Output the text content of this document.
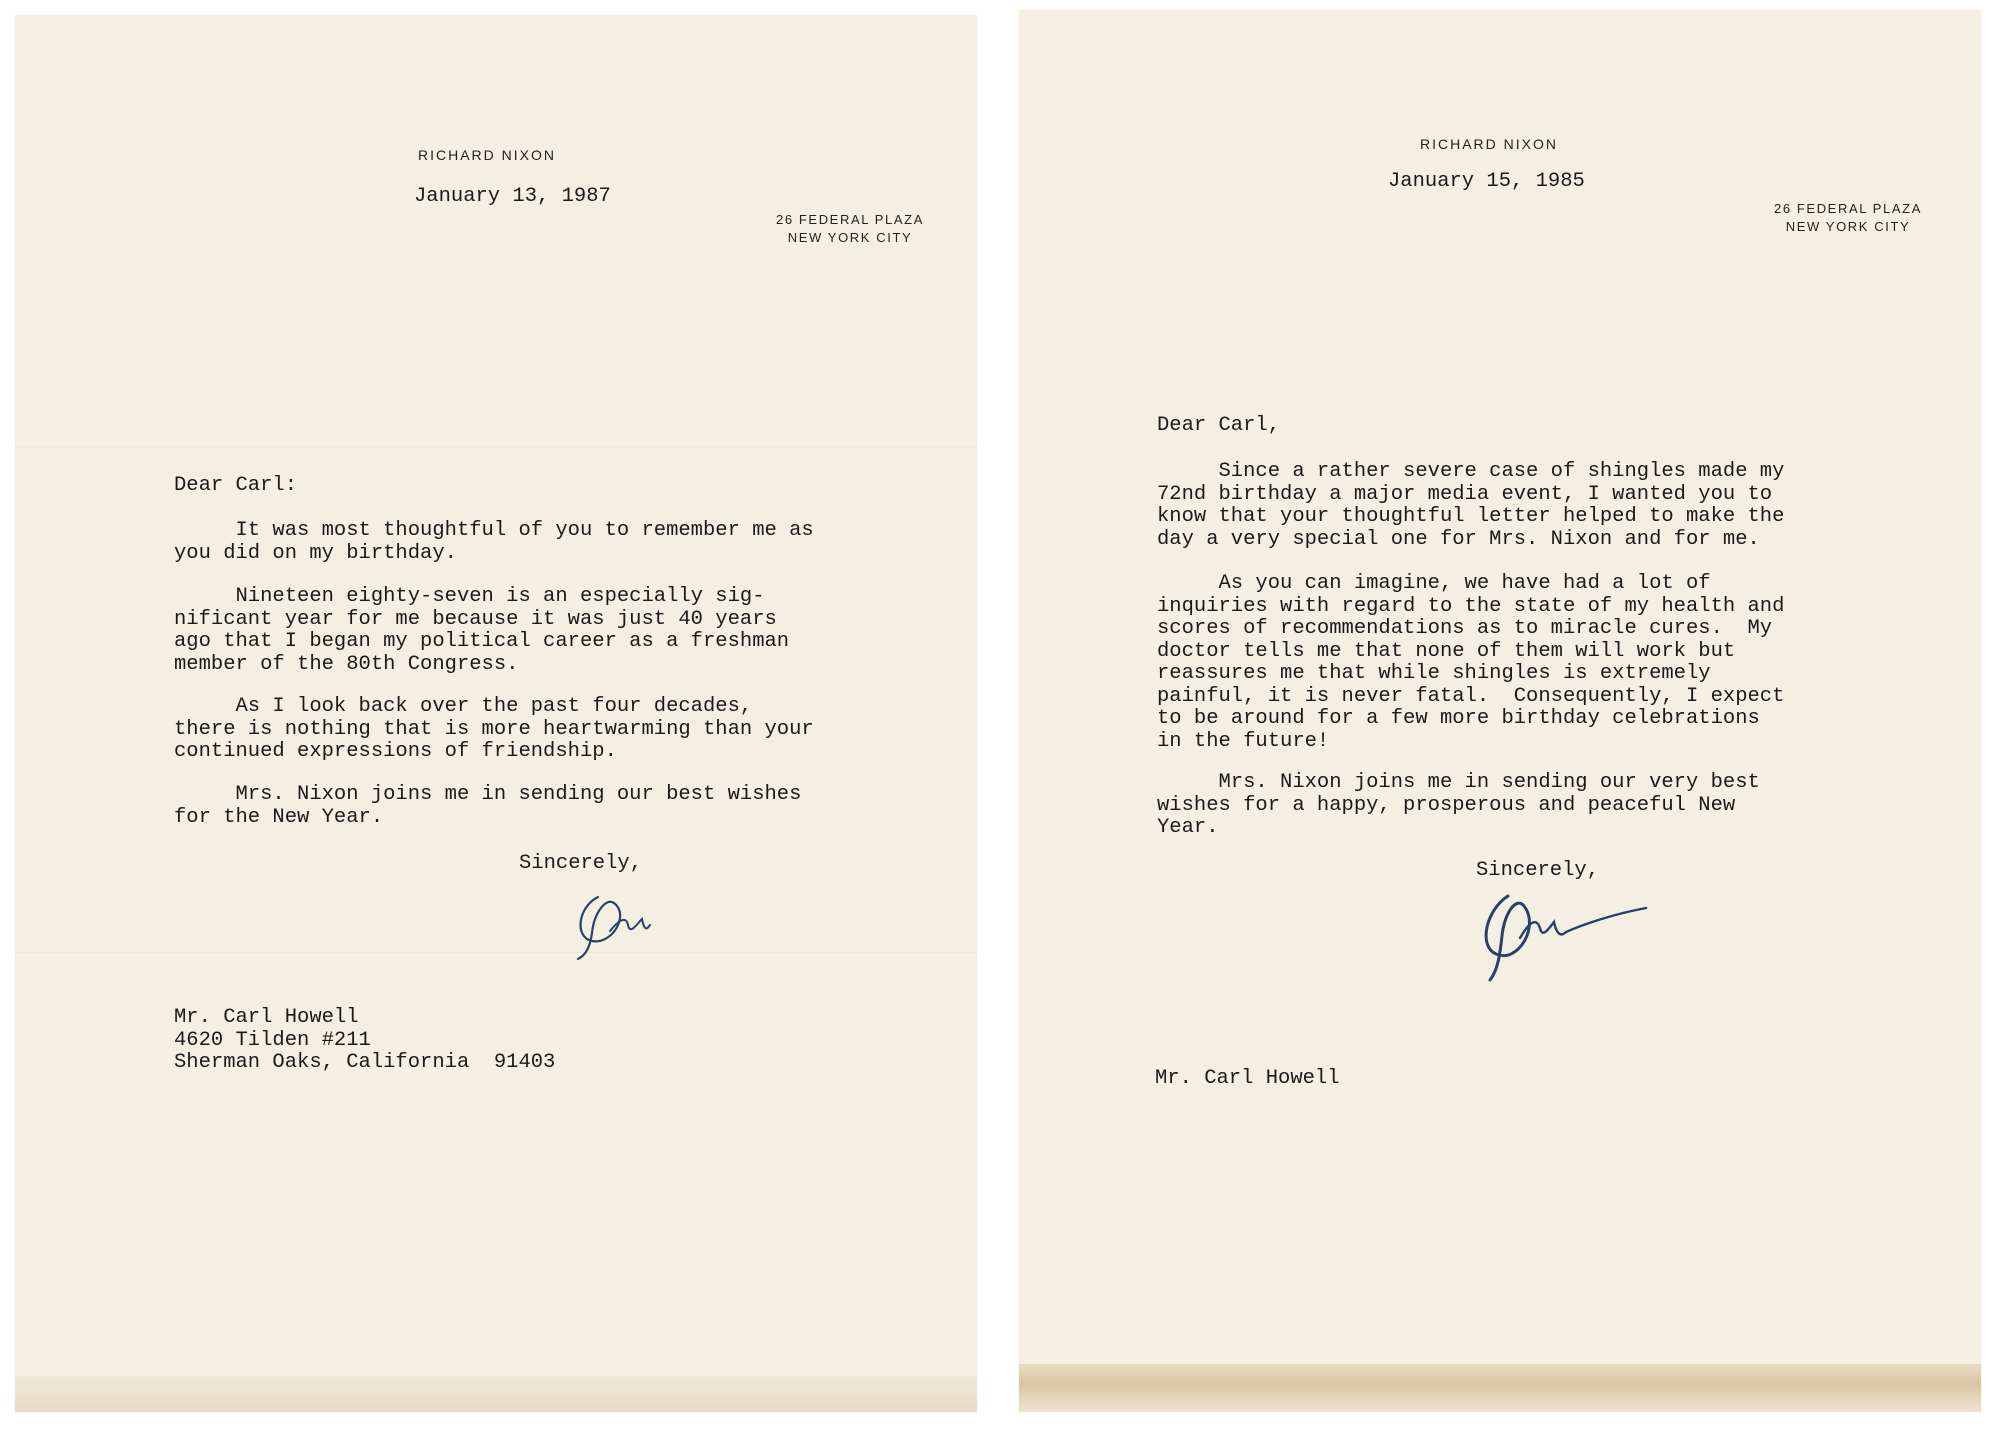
RICHARD NIXON
26 FEDERAL PLAZA
NEW YORK CITY
January 13, 1987
Dear Carl:
It was most thoughtful of you to remember me as
you did on my birthday.
Nineteen eighty-seven is an especially sig-
nificant year for me because it was just 40 years
ago that I began my political career as a freshman
member of the 80th Congress.
As I look back over the past four decades,
there is nothing that is more heartwarming than your
continued expressions of friendship.
Mrs. Nixon joins me in sending our best wishes
for the New Year.
Sincerely,
Mr. Carl Howell
4620 Tilden #211
Sherman Oaks, California  91403
RICHARD NIXON
26 FEDERAL PLAZA
NEW YORK CITY
January 15, 1985
Dear Carl,
Since a rather severe case of shingles made my
72nd birthday a major media event, I wanted you to
know that your thoughtful letter helped to make the
day a very special one for Mrs. Nixon and for me.
As you can imagine, we have had a lot of
inquiries with regard to the state of my health and
scores of recommendations as to miracle cures.  My
doctor tells me that none of them will work but
reassures me that while shingles is extremely
painful, it is never fatal.  Consequently, I expect
to be around for a few more birthday celebrations
in the future!
Mrs. Nixon joins me in sending our very best
wishes for a happy, prosperous and peaceful New
Year.
Sincerely,
Mr. Carl Howell
